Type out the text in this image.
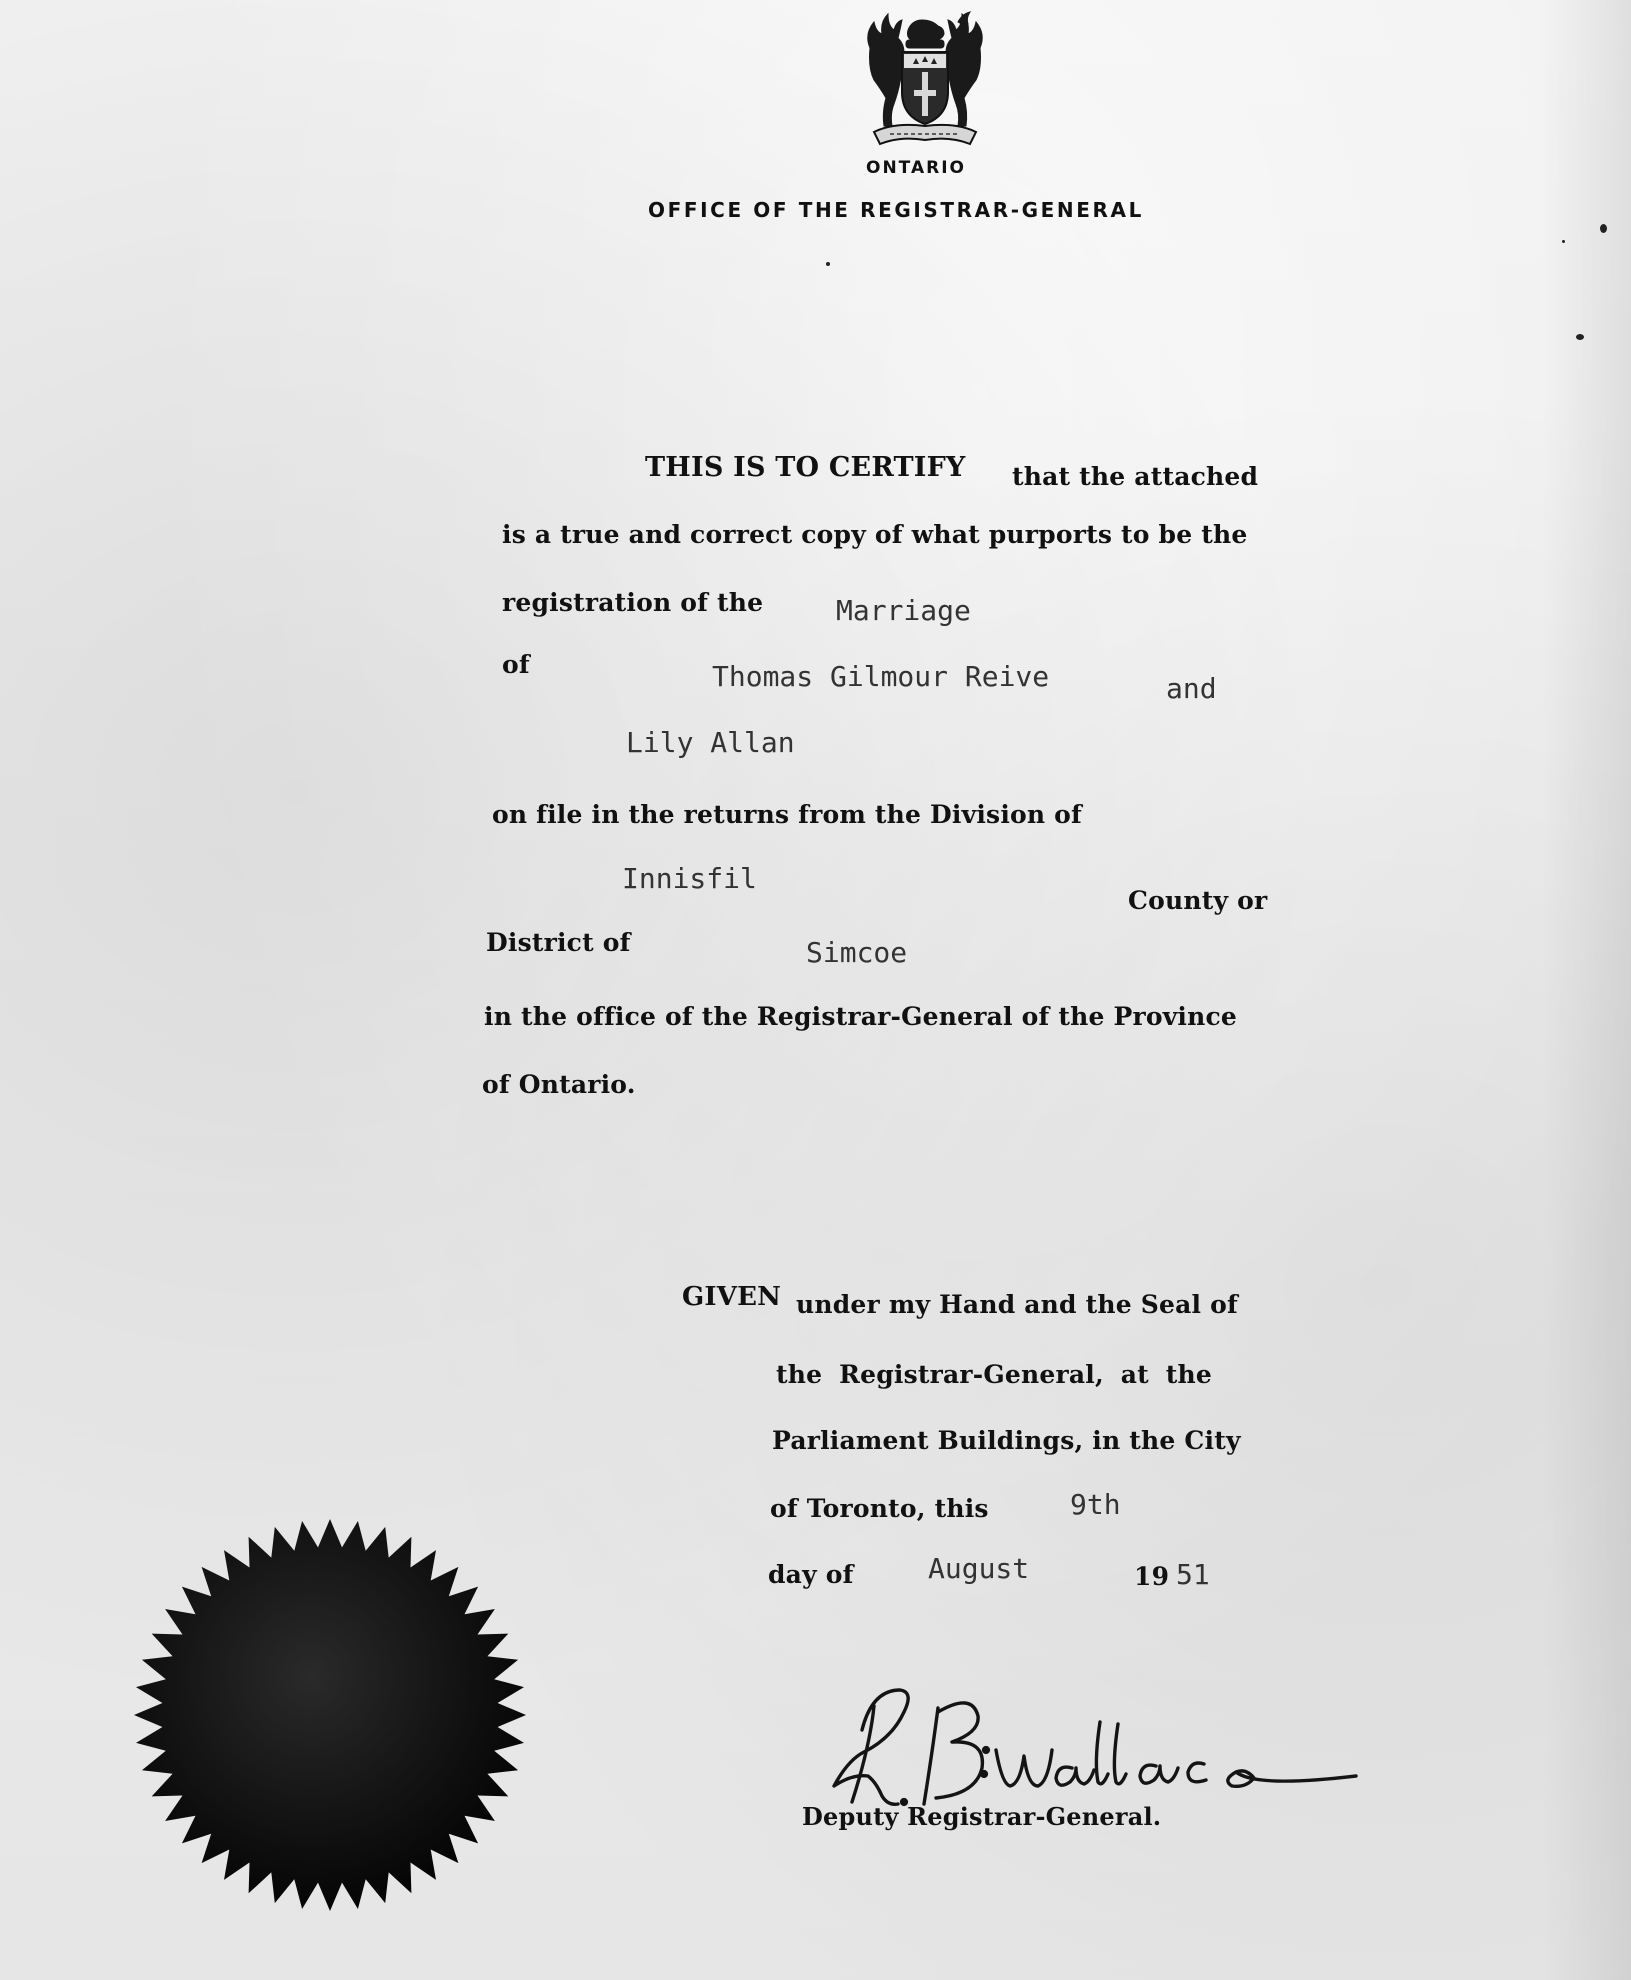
ONTARIO
OFFICE OF THE REGISTRAR-GENERAL
THIS IS TO CERTIFY that the attached
is a true and correct copy of what purports to be the
registration of the	Marriage
of	Thomas Gilmour Reive	and
Lily Allan
on file in the returns from the Division of
Innisfil
County or
District of	Simcoe
in the office of the Registrar-General of the Province
of Ontario.
GIVEN under my Hand and the Seal of
the Registrar-General, at the
Parliament Buildings, in the City
of Toronto, this	9th
day of	August	19 51
Deputy Registrar-General.
